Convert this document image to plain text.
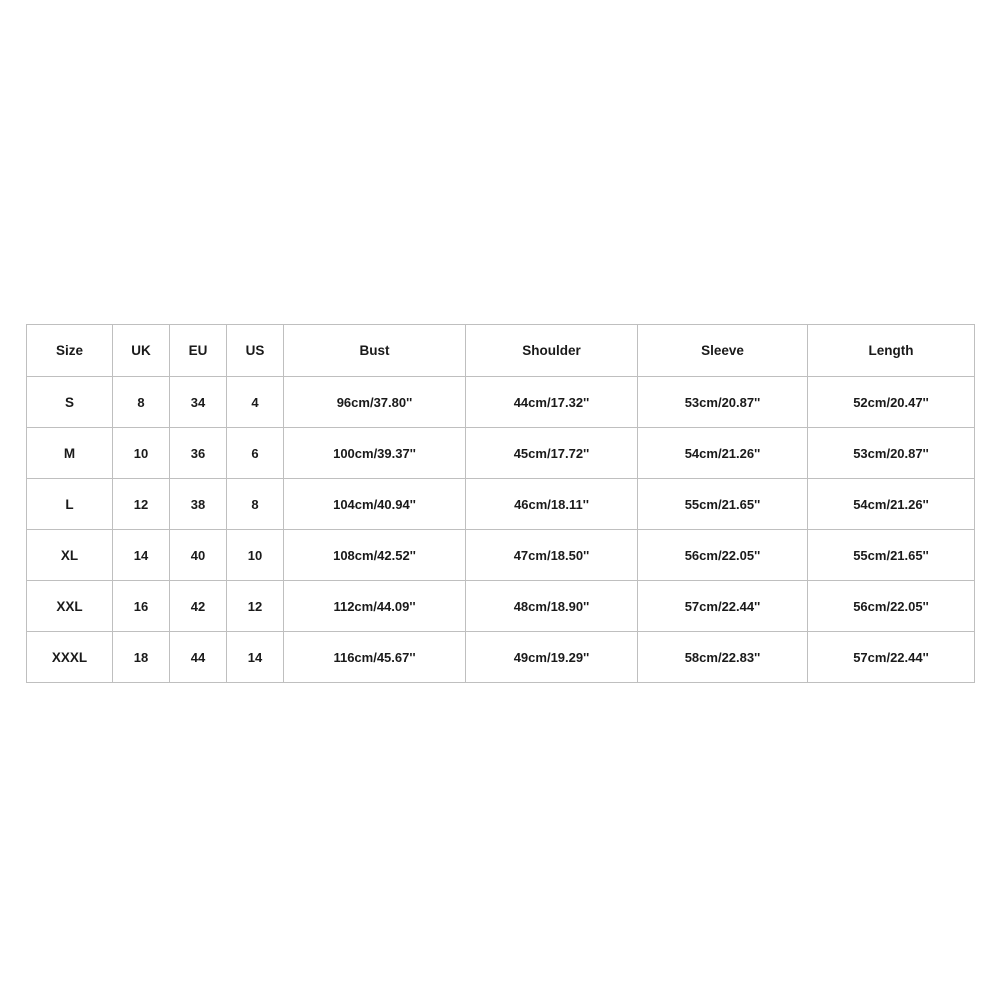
Size	UK	EU	US	Bust	Shoulder	Sleeve	Length
S	8	34	4	96cm/37.80''	44cm/17.32''	53cm/20.87''	52cm/20.47''
M	10	36	6	100cm/39.37''	45cm/17.72''	54cm/21.26''	53cm/20.87''
L	12	38	8	104cm/40.94''	46cm/18.11''	55cm/21.65''	54cm/21.26''
XL	14	40	10	108cm/42.52''	47cm/18.50''	56cm/22.05''	55cm/21.65''
XXL	16	42	12	112cm/44.09''	48cm/18.90''	57cm/22.44''	56cm/22.05''
XXXL	18	44	14	116cm/45.67''	49cm/19.29''	58cm/22.83''	57cm/22.44''
